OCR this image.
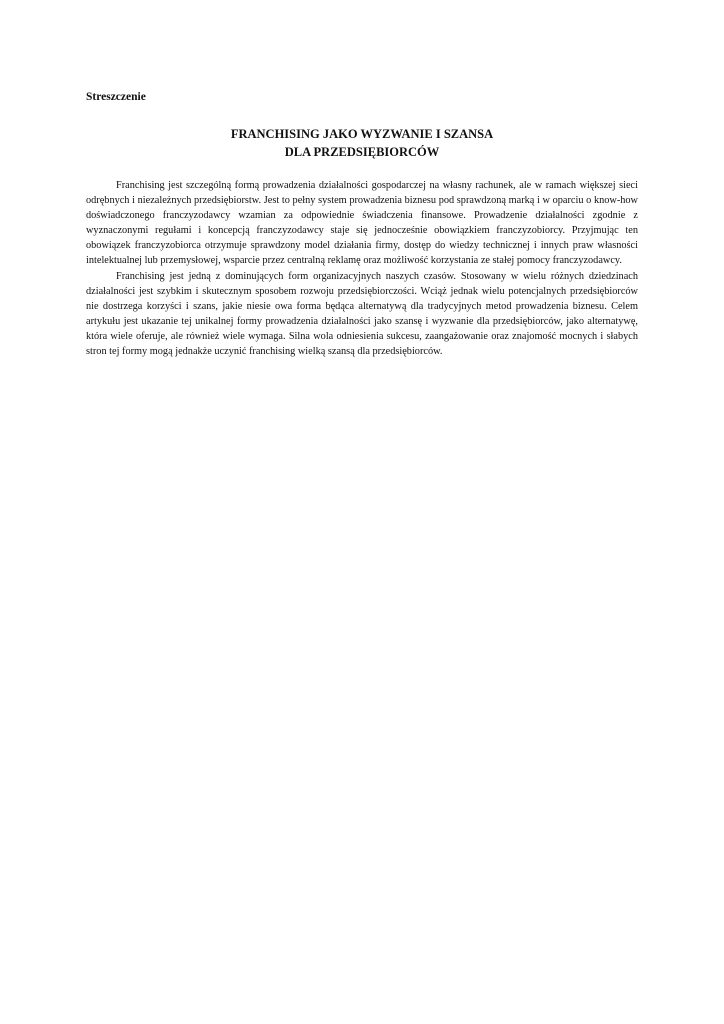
Streszczenie
FRANCHISING JAKO WYZWANIE I SZANSA
DLA PRZEDSIĘBIORCÓW

Franchising jest szczególną formą prowadzenia działalności gospodarczej na własny rachunek, ale w ramach większej sieci odrębnych i niezależnych przedsiębiorstw. Jest to pełny system prowadzenia biznesu pod sprawdzoną marką i w oparciu o know-how doświadczonego franczyzodawcy wzamian za odpowiednie świadczenia finansowe. Prowadzenie działalności zgodnie z wyznaczonymi regułami i koncepcją franczyzodawcy staje się jednocześnie obowiązkiem franczyzobiorcy. Przyjmując ten obowiązek franczyzobiorca otrzymuje sprawdzony model działania firmy, dostęp do wiedzy technicznej i innych praw własności intelektualnej lub przemysłowej, wsparcie przez centralną reklamę oraz możliwość korzystania ze stałej pomocy franczyzodawcy.

Franchising jest jedną z dominujących form organizacyjnych naszych czasów. Stosowany w wielu różnych dziedzinach działalności jest szybkim i skutecznym sposobem rozwoju przedsiębiorczości. Wciąż jednak wielu potencjalnych przedsiębiorców nie dostrzega korzyści i szans, jakie niesie owa forma będąca alternatywą dla tradycyjnych metod prowadzenia biznesu. Celem artykułu jest ukazanie tej unikalnej formy prowadzenia działalności jako szansę i wyzwanie dla przedsiębiorców, jako alternatywę, która wiele oferuje, ale również wiele wymaga. Silna wola odniesienia sukcesu, zaangażowanie oraz znajomość mocnych i słabych stron tej formy mogą jednakże uczynić franchising wielką szansą dla przedsiębiorców.
